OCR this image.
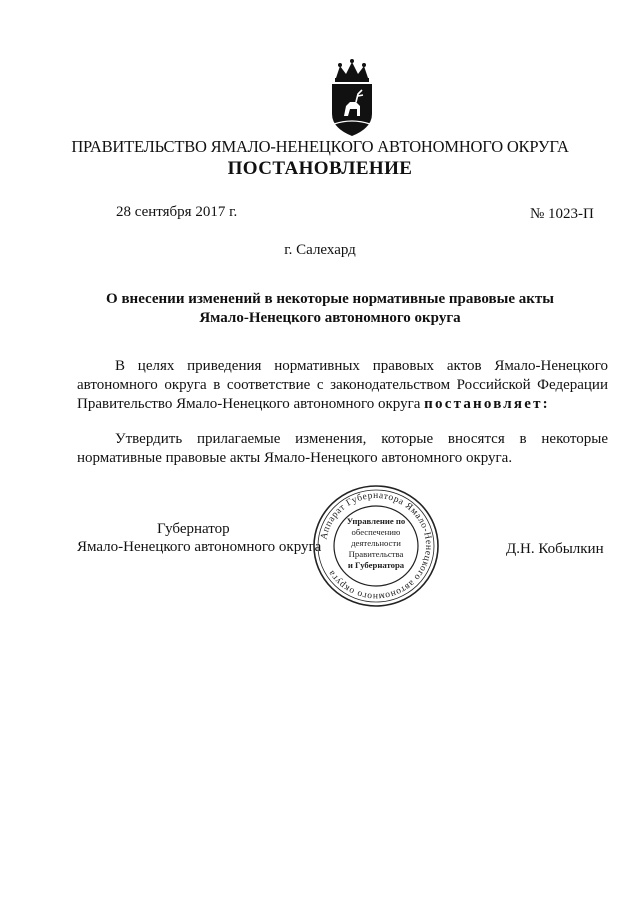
ПРАВИТЕЛЬСТВО ЯМАЛО-НЕНЕЦКОГО АВТОНОМНОГО ОКРУГА
ПОСТАНОВЛЕНИЕ
28 сентября 2017 г.	№ 1023-П
г. Салехард
О внесении изменений в некоторые нормативные правовые акты
Ямало-Ненецкого автономного округа
В целях приведения нормативных правовых актов Ямало-Ненецкого
автономного округа в соответствие с законодательством Российской Федерации
Правительство Ямало-Ненецкого автономного округа постановляет:
Утвердить прилагаемые изменения, которые вносятся в некоторые
нормативные правовые акты Ямало-Ненецкого автономного округа.
Губернатор
Ямало-Ненецкого автономного округа	Д.Н. Кобылкин
Аппарат Губернатора Ямало-Ненецкого автономного округа
Управление по
обеспечению
деятельности
Правительства
и Губернатора
